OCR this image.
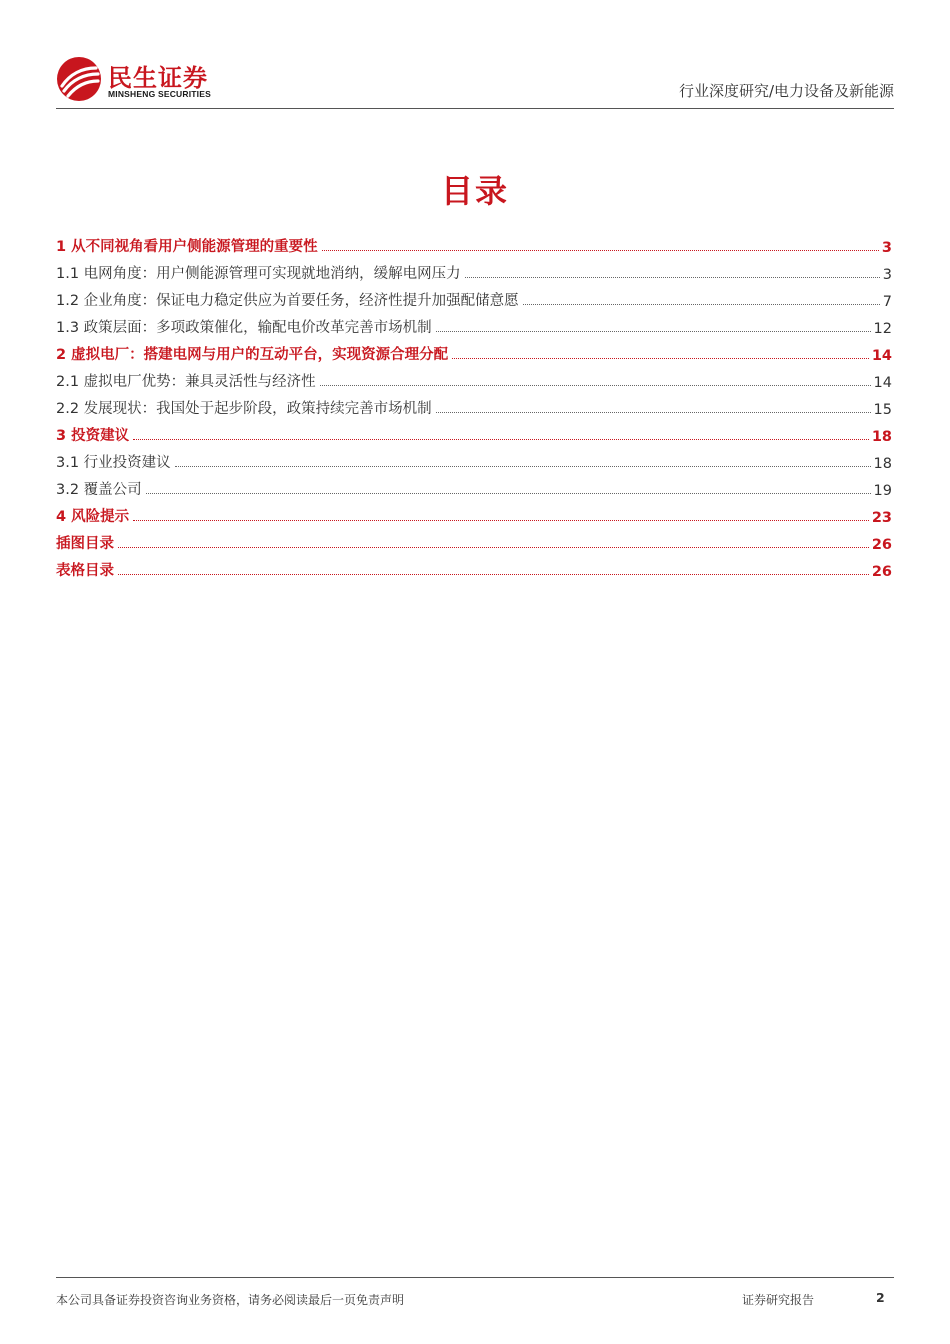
民生证券
MINSHENG SECURITIES	行业深度研究/电力设备及新能源
目录
1 从不同视角看用户侧能源管理的重要性	3
1.1 电网角度：用户侧能源管理可实现就地消纳，缓解电网压力	3
1.2 企业角度：保证电力稳定供应为首要任务，经济性提升加强配储意愿	7
1.3 政策层面：多项政策催化，输配电价改革完善市场机制	12
2 虚拟电厂：搭建电网与用户的互动平台，实现资源合理分配	14
2.1 虚拟电厂优势：兼具灵活性与经济性	14
2.2 发展现状：我国处于起步阶段，政策持续完善市场机制	15
3 投资建议	18
3.1 行业投资建议	18
3.2 覆盖公司	19
4 风险提示	23
插图目录	26
表格目录	26
本公司具备证券投资咨询业务资格，请务必阅读最后一页免责声明	证券研究报告	2
